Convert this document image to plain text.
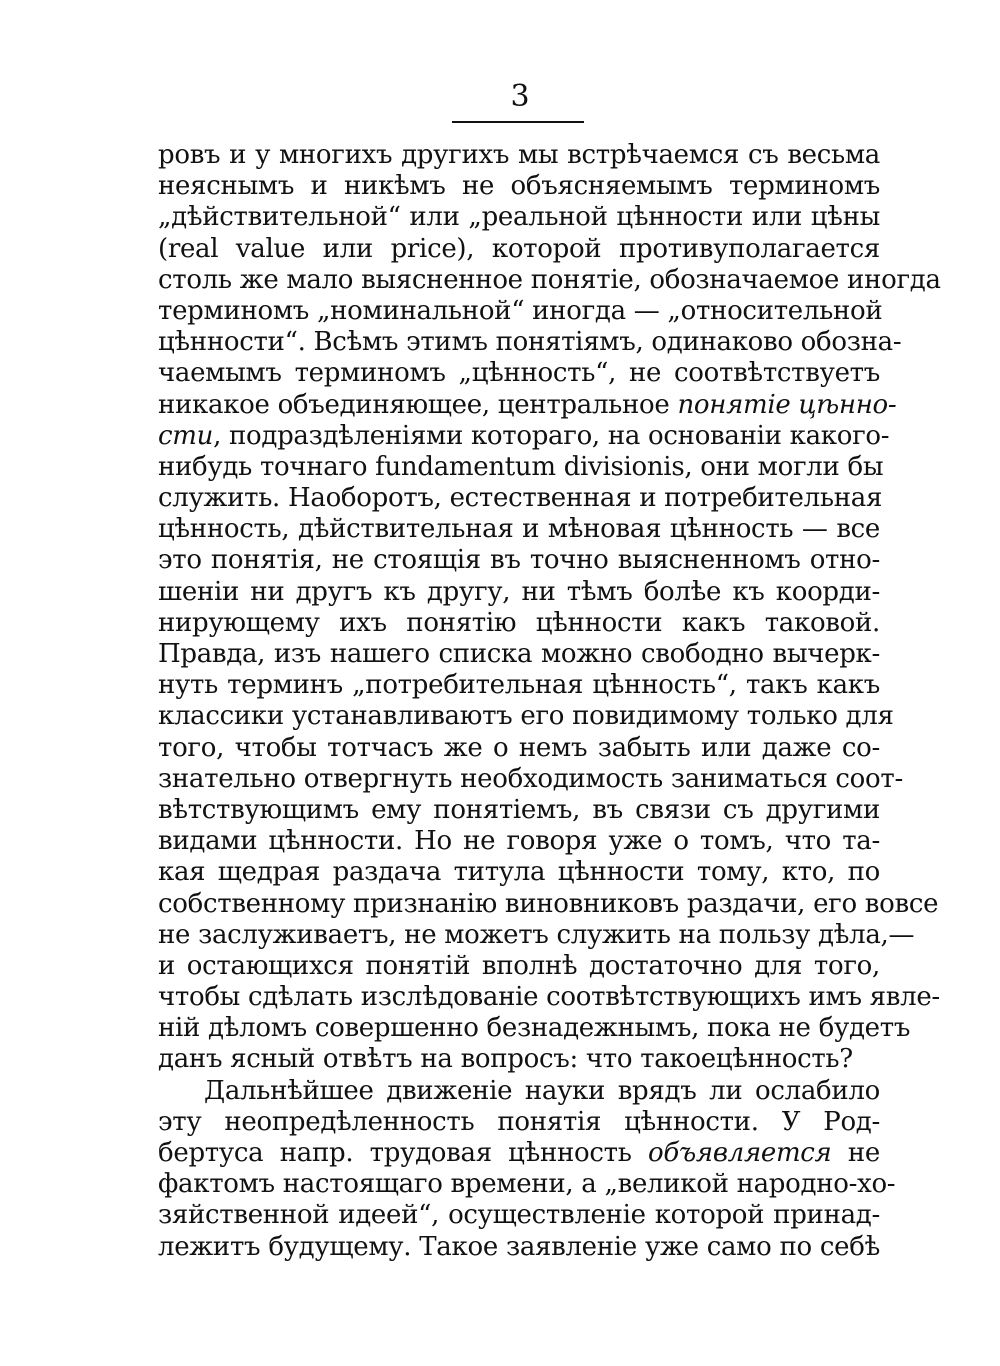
3
ровъ и у многихъ другихъ мы встрѣчаемся съ весьма
неяснымъ и никѣмъ не объясняемымъ терминомъ
„дѣйствительной“ или „реальной цѣнности или цѣны
(real value или price), которой противуполагается
столь же мало выясненное понятіе, обозначаемое иногда
терминомъ „номинальной“ иногда — „относительной
цѣнности“. Всѣмъ этимъ понятіямъ, одинаково обозна-
чаемымъ терминомъ „цѣнность“, не соотвѣтствуетъ
никакое объединяющее, центральное понятіе цѣнно-
сти, подраздѣленіями котораго, на основаніи какого-
нибудь точнаго fundamentum divisionis, они могли бы
служить. Наоборотъ, естественная и потребительная
цѣнность, дѣйствительная и мѣновая цѣнность — все
это понятія, не стоящія въ точно выясненномъ отно-
шеніи ни другъ къ другу, ни тѣмъ болѣе къ коорди-
нирующему ихъ понятію цѣнности какъ таковой.
Правда, изъ нашего списка можно свободно вычерк-
нуть терминъ „потребительная цѣнность“, такъ какъ
классики устанавливаютъ его повидимому только для
того, чтобы тотчасъ же о немъ забыть или даже со-
знательно отвергнуть необходимость заниматься соот-
вѣтствующимъ ему понятіемъ, въ связи съ другими
видами цѣнности. Но не говоря уже о томъ, что та-
кая щедрая раздача титула цѣнности тому, кто, по
собственному признанію виновниковъ раздачи, его вовсе
не заслуживаетъ, не можетъ служить на пользу дѣла,—
и остающихся понятій вполнѣ достаточно для того,
чтобы сдѣлать изслѣдованіе соотвѣтствующихъ имъ явле-
ній дѣломъ совершенно безнадежнымъ, пока не будетъ
данъ ясный отвѣтъ на вопросъ: что такоецѣнность?
Дальнѣйшее движеніе науки врядъ ли ослабило
эту неопредѣленность понятія цѣнности. У Род-
бертуса напр. трудовая цѣнность объявляется не
фактомъ настоящаго времени, а „великой народно-хо-
зяйственной идеей“, осуществленіе которой принад-
лежитъ будущему. Такое заявленіе уже само по себѣ
